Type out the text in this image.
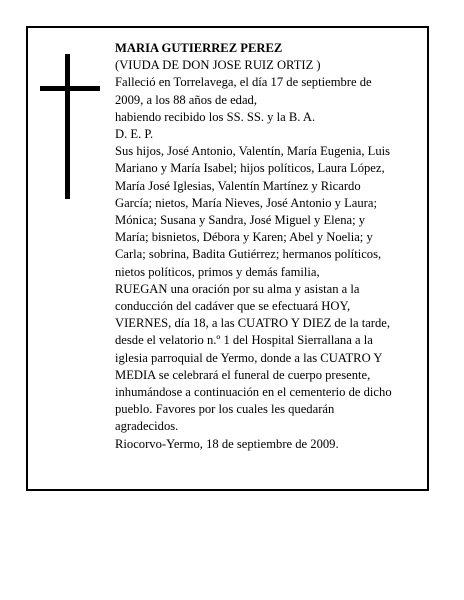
MARIA GUTIERREZ PEREZ
(VIUDA DE DON JOSE RUIZ ORTIZ )
Falleció en Torrelavega, el día 17 de septiembre de
2009, a los 88 años de edad,
habiendo recibido los SS. SS. y la B. A.
D. E. P.
Sus hijos, José Antonio, Valentín, María Eugenia, Luis
Mariano y María Isabel; hijos políticos, Laura López,
María José Iglesias, Valentín Martínez y Ricardo
García; nietos, María Nieves, José Antonio y Laura;
Mónica; Susana y Sandra, José Miguel y Elena; y
María; bisnietos, Débora y Karen; Abel y Noelia; y
Carla; sobrina, Badita Gutiérrez; hermanos políticos,
nietos políticos, primos y demás familia,
RUEGAN una oración por su alma y asistan a la
conducción del cadáver que se efectuará HOY,
VIERNES, día 18, a las CUATRO Y DIEZ de la tarde,
desde el velatorio n.º 1 del Hospital Sierrallana a la
iglesia parroquial de Yermo, donde a las CUATRO Y
MEDIA se celebrará el funeral de cuerpo presente,
inhumándose a continuación en el cementerio de dicho
pueblo. Favores por los cuales les quedarán
agradecidos.
Riocorvo-Yermo, 18 de septiembre de 2009.
